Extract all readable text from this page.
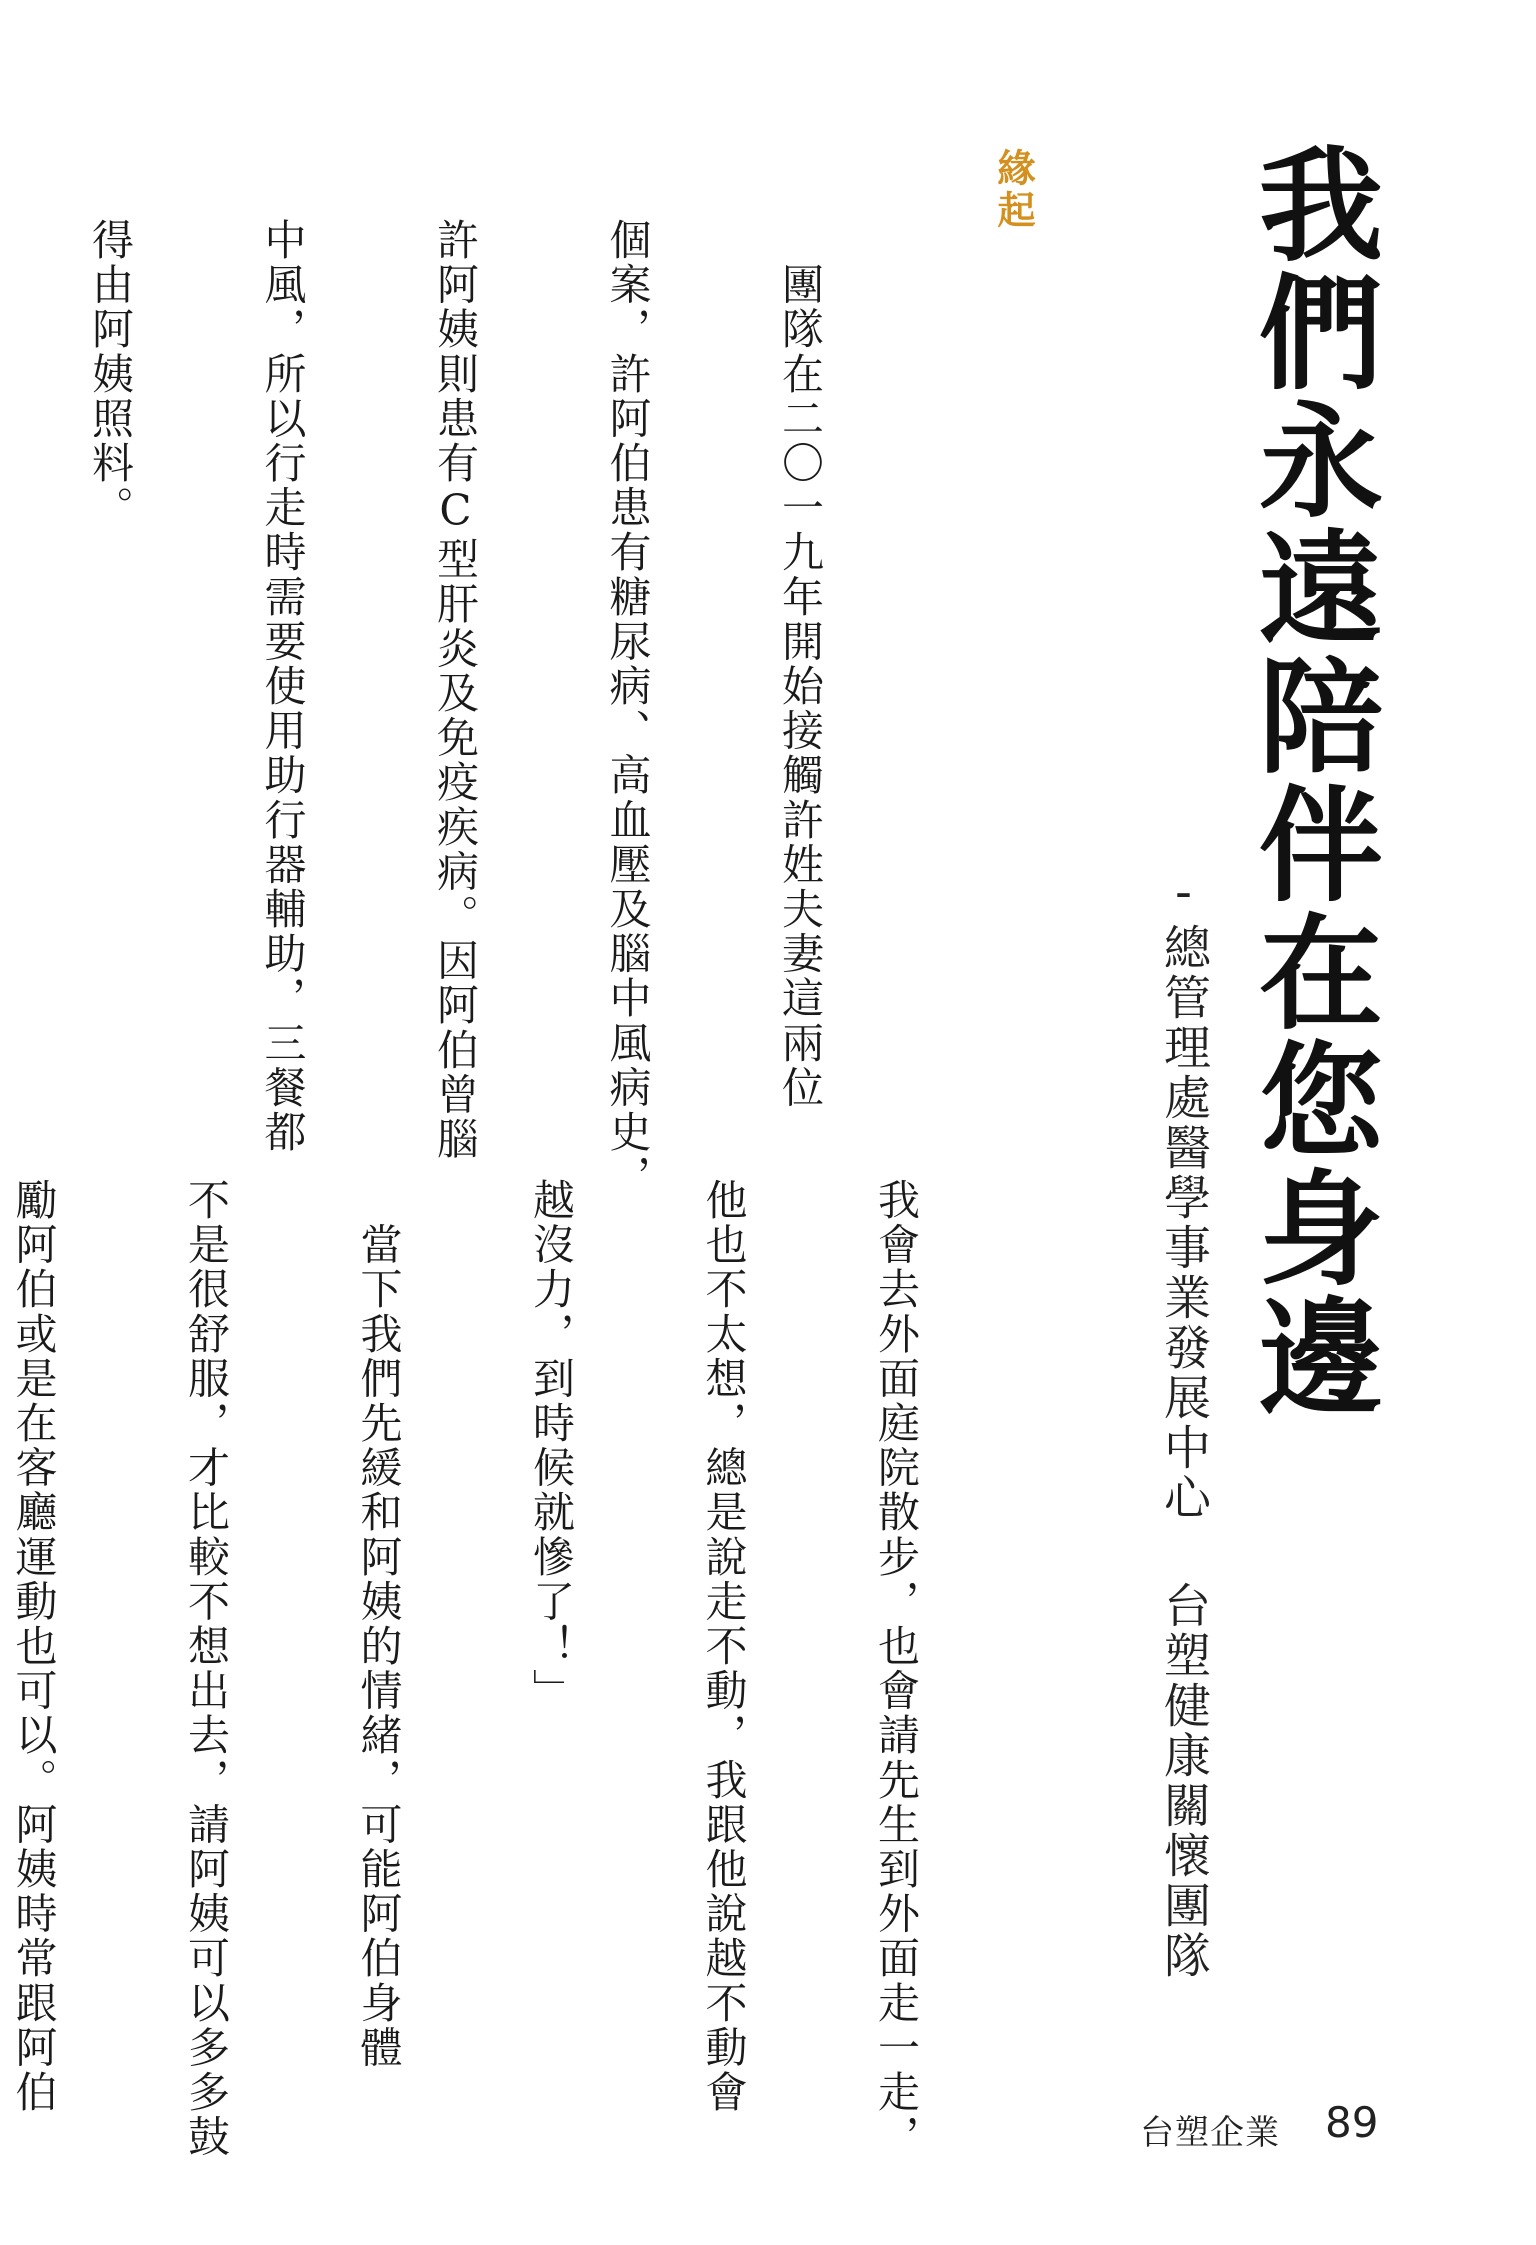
我們永遠陪伴在您身邊
-總管理處醫學事業發展中心 台塑健康關懷團隊
緣起

　團隊在二〇一九年開始接觸許姓夫妻這兩位

個案，許阿伯患有糖尿病、高血壓及腦中風病史，

許阿姨則患有C型肝炎及免疫疾病。因阿伯曾腦

中風，所以行走時需要使用助行器輔助，三餐都

得由阿姨照料。

我會去外面庭院散步，也會請先生到外面走一走，

他也不太想，總是說走不動，我跟他說越不動會

越沒力，到時候就慘了！」

　當下我們先緩和阿姨的情緒，可能阿伯身體

不是很舒服，才比較不想出去，請阿姨可以多多鼓

勵阿伯或是在客廳運動也可以。阿姨時常跟阿伯

台塑企業 89
